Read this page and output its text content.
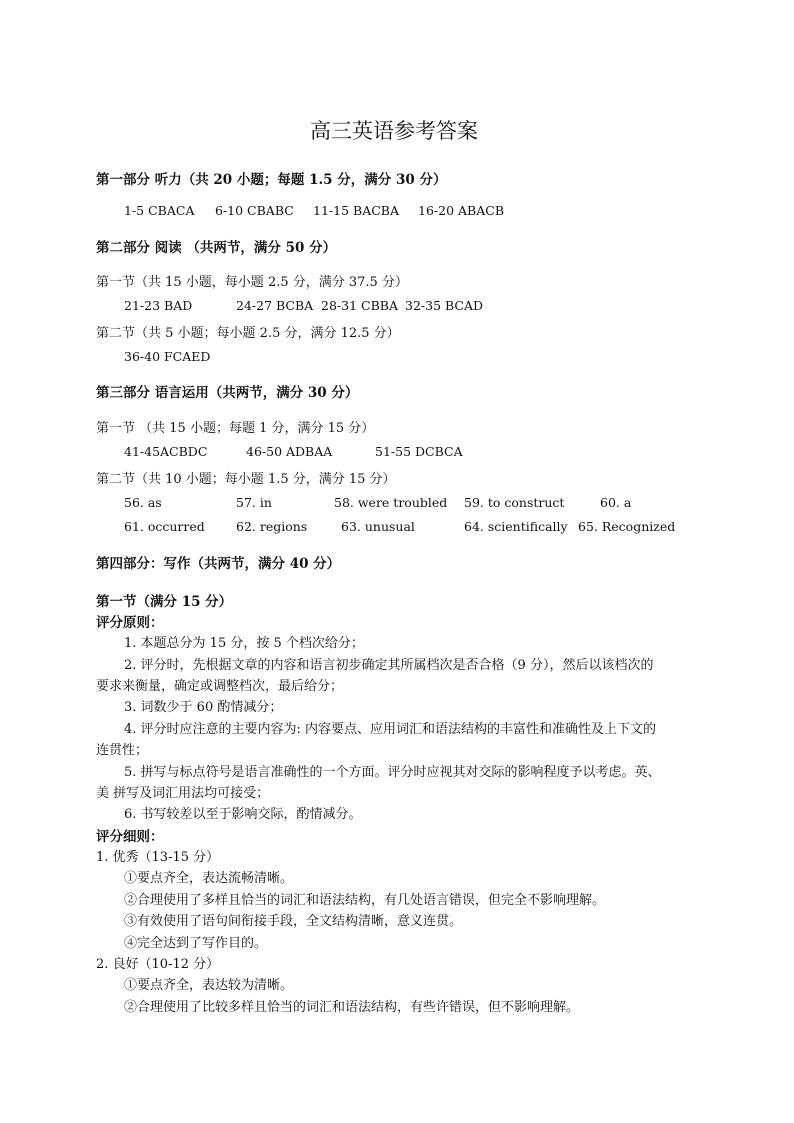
高三英语参考答案
第一部分 听力（共 20 小题；每题 1.5 分，满分 30 分）
1-5 CBACA 6-10 CBABC 11-15 BACBA 16-20 ABACB
第二部分 阅读 （共两节，满分 50 分）
第一节（共 15 小题，每小题 2.5 分，满分 37.5 分）
21-23 BAD	24-27 BCBA 28-31 CBBA 32-35 BCAD
第二节（共 5 小题；每小题 2.5 分，满分 12.5 分）
36-40 FCAED
第三部分 语言运用（共两节，满分 30 分）
第一节 （共 15 小题；每题 1 分，满分 15 分）
41-45ACBDC	46-50 ADBAA	51-55 DCBCA
第二节（共 10 小题；每小题 1.5 分，满分 15 分）
56. as	57. in	58. were troubled 59. to construct	60. a
61. occurred 62. regions	63. unusual	64. scientifically 65. Recognized
第四部分：写作（共两节，满分 40 分）
第一节（满分 15 分）
评分原则：
1. 本题总分为 15 分，按 5 个档次给分；
2. 评分时，先根据文章的内容和语言初步确定其所属档次是否合格（9 分），然后以该档次的
要求来衡量，确定或调整档次，最后给分；
3. 词数少于 60 酌情减分；
4. 评分时应注意的主要内容为: 内容要点、应用词汇和语法结构的丰富性和准确性及上下文的
连贯性；
5. 拼写与标点符号是语言准确性的一个方面。评分时应视其对交际的影响程度予以考虑。英、
美 拼写及词汇用法均可接受；
6. 书写较差以至于影响交际，酌情减分。
评分细则：
1. 优秀（13-15 分）
①要点齐全，表达流畅清晰。
②合理使用了多样且恰当的词汇和语法结构，有几处语言错误，但完全不影响理解。
③有效使用了语句间衔接手段，全文结构清晰，意义连贯。
④完全达到了写作目的。
2. 良好（10-12 分）
①要点齐全，表达较为清晰。
②合理使用了比较多样且恰当的词汇和语法结构，有些许错误，但不影响理解。
